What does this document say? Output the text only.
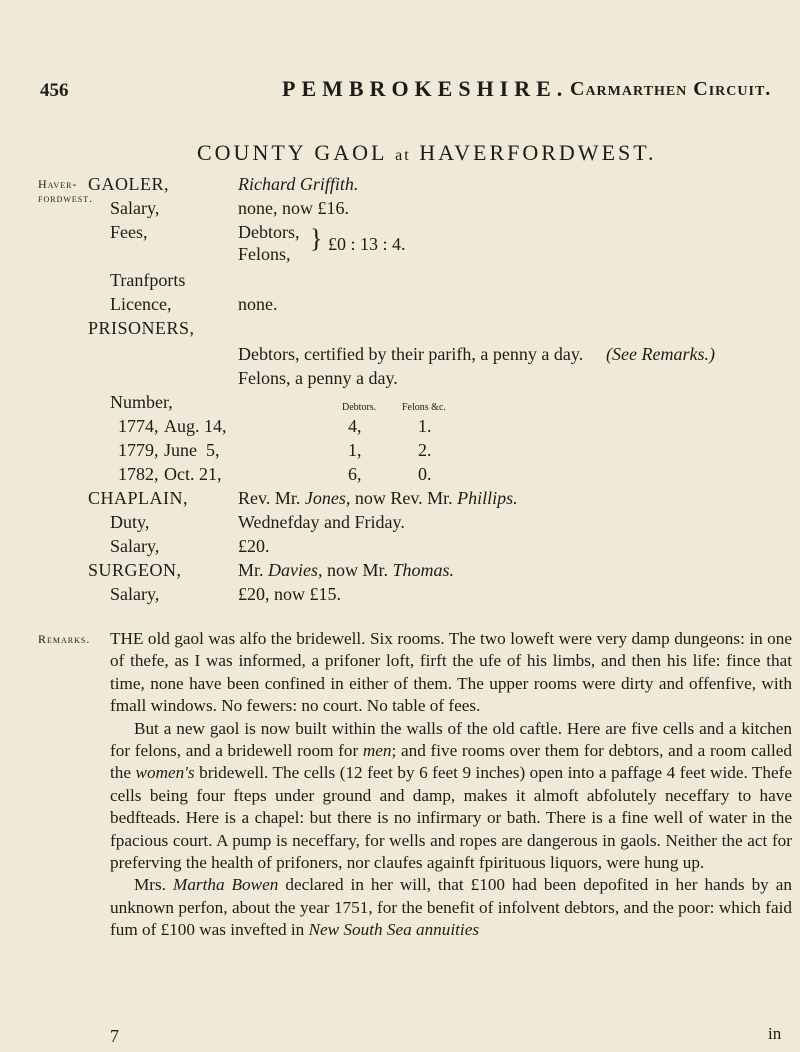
456	PEMBROKESHIRE. Carmarthen Circuit.
COUNTY GAOL at HAVERFORDWEST.
Haver-
fordwest.
GAOLER,	Richard Griffith.
Salary,	none, now £16.
Fees,	Debtors,
Felons,
} £0 : 13 : 4.
Tranfports
Licence,	none.
PRISONERS,
Debtors, certified by their parifh, a penny a day. (See Remarks.)
Felons, a penny a day.
Number,	Debtors.	Felons &c.
1774, Aug. 14,	4,	1.
1779, June  5,	1,	2.
1782, Oct. 21,	6,	0.
CHAPLAIN,	Rev. Mr. Jones, now Rev. Mr. Phillips.
Duty,	Wednefday and Friday.
Salary,	£20.
SURGEON,	Mr. Davies, now Mr. Thomas.
Salary,	£20, now £15.
Remarks. THE old gaol was alfo the bridewell. Six rooms. The two loweft were very damp dungeons: in one of thefe, as I was informed, a prifoner loft, firft the ufe of his limbs, and then his life: fince that time, none have been confined in either of them. The upper rooms were dirty and offenfive, with fmall windows. No fewers: no court. No table of fees.

But a new gaol is now built within the walls of the old caftle. Here are five cells and a kitchen for felons, and a bridewell room for men; and five rooms over them for debtors, and a room called the women's bridewell. The cells (12 feet by 6 feet 9 inches) open into a paffage 4 feet wide. Thefe cells being four fteps under ground and damp, makes it almoft abfolutely neceffary to have bedfteads. Here is a chapel: but there is no infirmary or bath. There is a fine well of water in the fpacious court. A pump is neceffary, for wells and ropes are dangerous in gaols. Neither the act for preferving the health of prifoners, nor claufes againft fpirituous liquors, were hung up.

Mrs. Martha Bowen declared in her will, that £100 had been depofited in her hands by an unknown perfon, about the year 1751, for the benefit of infolvent debtors, and the poor: which faid fum of £100 was invefted in New South Sea annuities

7	in
